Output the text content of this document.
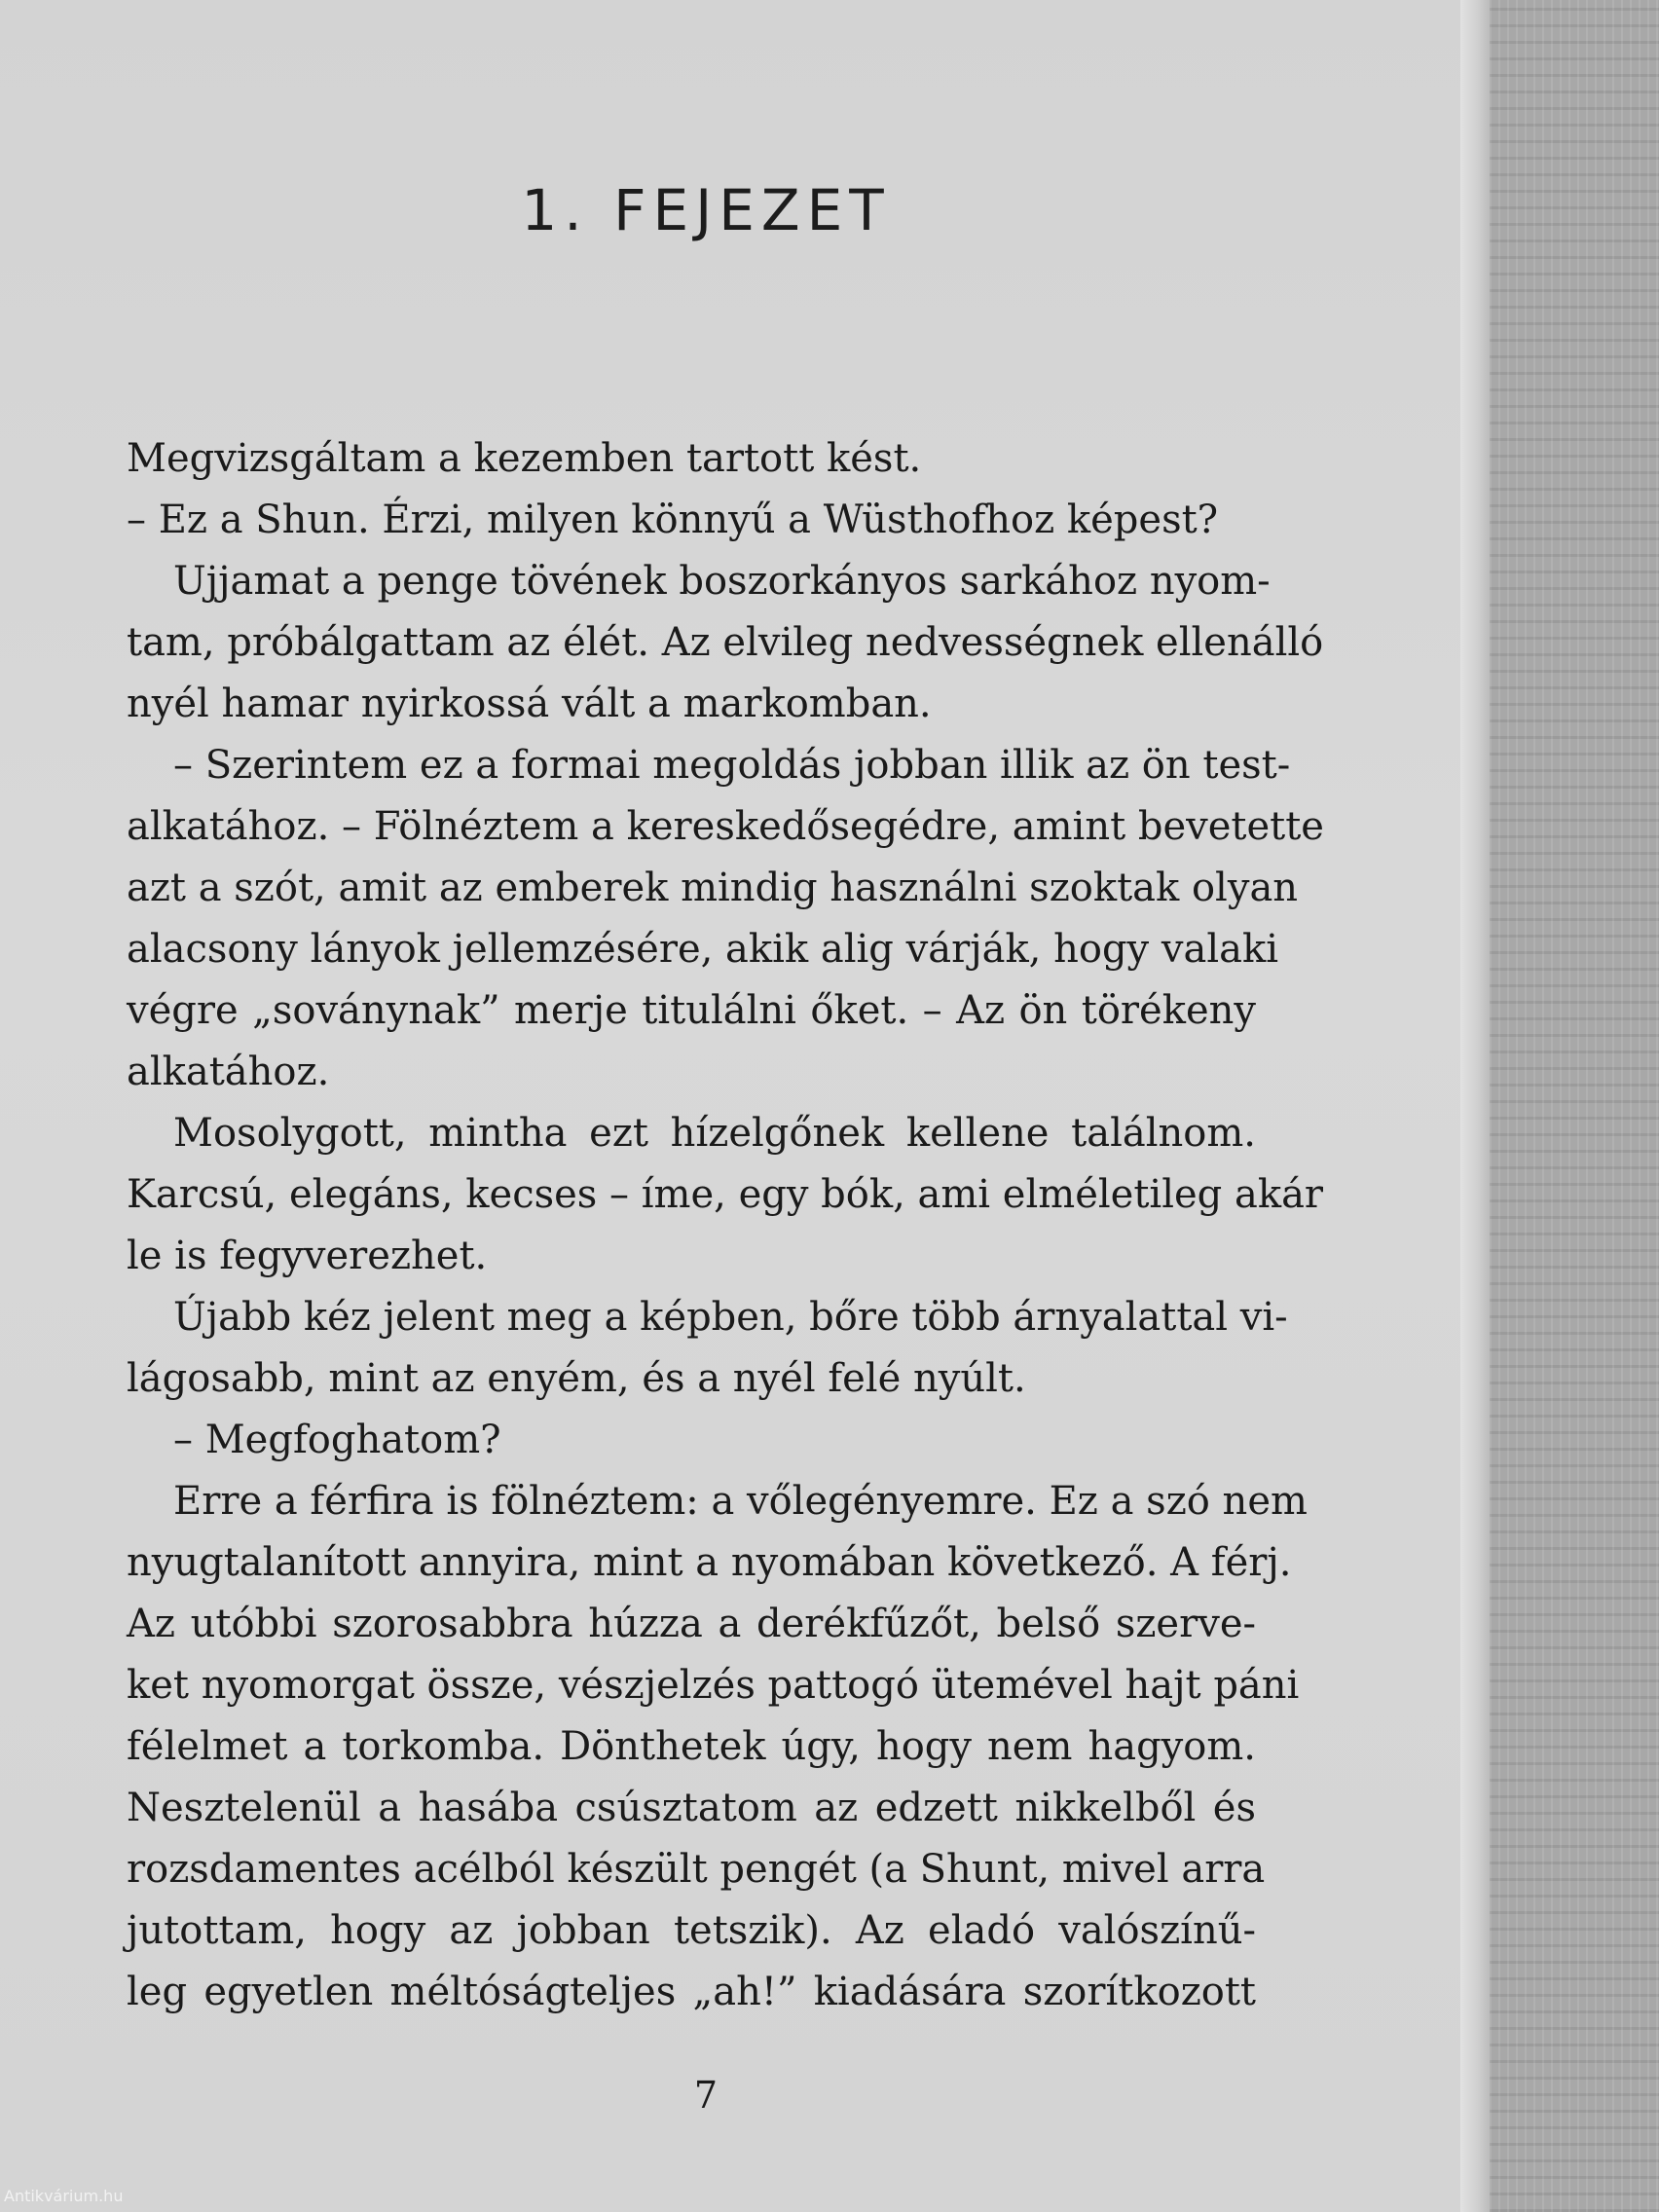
1. FEJEZET
Megvizsgáltam a kezemben tartott kést.
– Ez a Shun. Érzi, milyen könnyű a Wüsthofhoz képest?
Ujjamat a penge tövének boszorkányos sarkához nyom-
tam, próbálgattam az élét. Az elvileg nedvességnek ellenálló
nyél hamar nyirkossá vált a markomban.
– Szerintem ez a formai megoldás jobban illik az ön test-
alkatához. – Fölnéztem a kereskedősegédre, amint bevetette
azt a szót, amit az emberek mindig használni szoktak olyan
alacsony lányok jellemzésére, akik alig várják, hogy valaki
végre „soványnak” merje titulálni őket. – Az ön törékeny
alkatához.
Mosolygott, mintha ezt hízelgőnek kellene találnom.
Karcsú, elegáns, kecses – íme, egy bók, ami elméletileg akár
le is fegyverezhet.
Újabb kéz jelent meg a képben, bőre több árnyalattal vi-
lágosabb, mint az enyém, és a nyél felé nyúlt.
– Megfoghatom?
Erre a férfira is fölnéztem: a vőlegényemre. Ez a szó nem
nyugtalanított annyira, mint a nyomában következő. A férj.
Az utóbbi szorosabbra húzza a derékfűzőt, belső szerve-
ket nyomorgat össze, vészjelzés pattogó ütemével hajt páni
félelmet a torkomba. Dönthetek úgy, hogy nem hagyom.
Nesztelenül a hasába csúsztatom az edzett nikkelből és
rozsdamentes acélból készült pengét (a Shunt, mivel arra
jutottam, hogy az jobban tetszik). Az eladó valószínű-
leg egyetlen méltóságteljes „ah!” kiadására szorítkozott
7
Antikvárium.hu
